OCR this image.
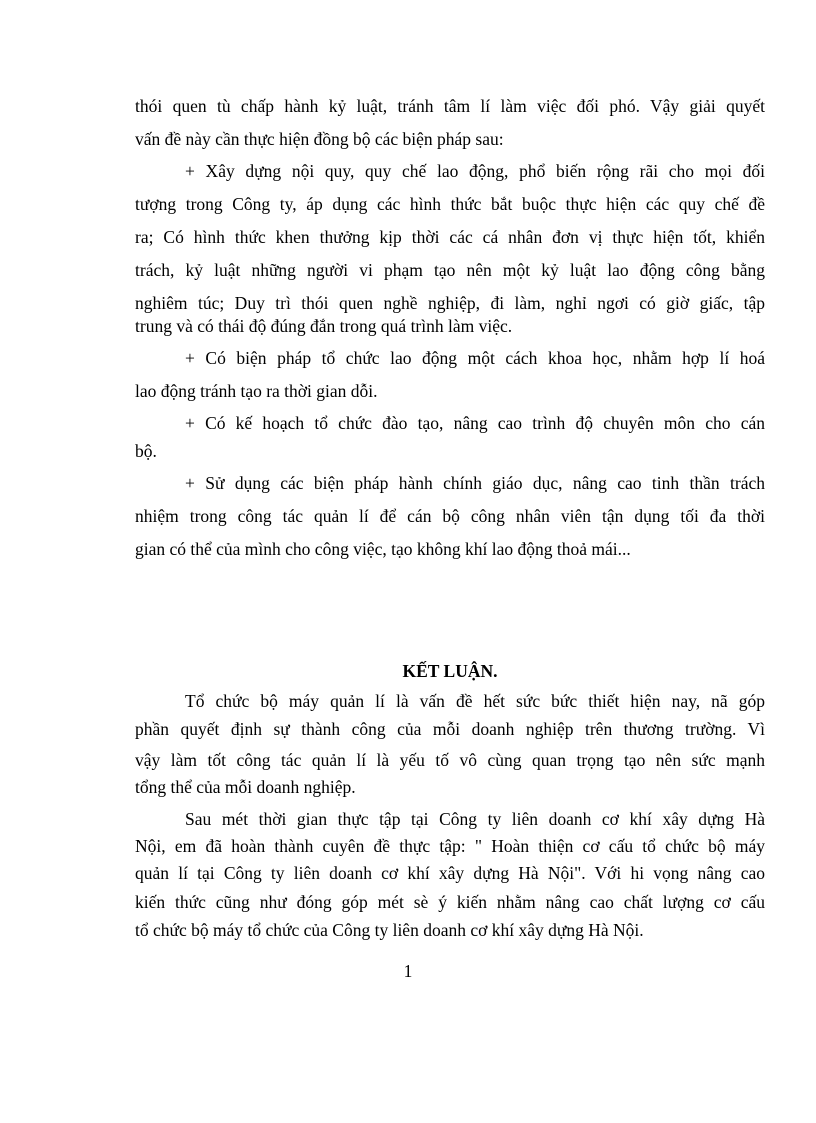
thói quen tù chấp hành kỷ luật, tránh tâm lí làm việc đối phó. Vậy giải quyết
vấn đề này cần thực hiện đồng bộ các biện pháp sau:
+ Xây dựng nội quy, quy chế lao động, phổ biến rộng rãi cho mọi đối
tượng trong Công ty, áp dụng các hình thức bắt buộc thực hiện các quy chế đề
ra; Có hình thức khen thưởng kịp thời các cá nhân đơn vị thực hiện tốt, khiển
trách, kỷ luật những người vi phạm tạo nên một kỷ luật lao động công bằng
nghiêm túc; Duy trì thói quen nghề nghiệp, đi làm, nghỉ ngơi có giờ giấc, tập
trung và có thái độ đúng đắn trong quá trình làm việc.
+ Có biện pháp tổ chức lao động một cách khoa học, nhằm hợp lí hoá
lao động tránh tạo ra thời gian dỗi.
+ Có kế hoạch tổ chức đào tạo, nâng cao trình độ chuyên môn cho cán
bộ.
+ Sử dụng các biện pháp hành chính giáo dục, nâng cao tinh thần trách
nhiệm trong công tác quản lí để cán bộ công nhân viên tận dụng tối đa thời
gian có thể của mình cho công việc, tạo không khí lao động thoả mái...
KẾT LUẬN.
Tổ chức bộ máy quản lí là vấn đề hết sức bức thiết hiện nay, nã góp
phần quyết định sự thành công của mỗi doanh nghiệp trên thương trường. Vì
vậy làm tốt công tác quản lí là yếu tố vô cùng quan trọng tạo nên sức mạnh
tổng thể của mỗi doanh nghiệp.
Sau mét thời gian thực tập tại Công ty liên doanh cơ khí xây dựng Hà
Nội, em đã hoàn thành cuyên đề thực tập: " Hoàn thiện cơ cấu tổ chức bộ máy
quản lí tại Công ty liên doanh cơ khí xây dựng Hà Nội". Với hi vọng nâng cao
kiến thức cũng như đóng góp mét sè ý kiến nhằm nâng cao chất lượng cơ cấu
tổ chức bộ máy tổ chức của Công ty liên doanh cơ khí xây dựng Hà Nội.
1
